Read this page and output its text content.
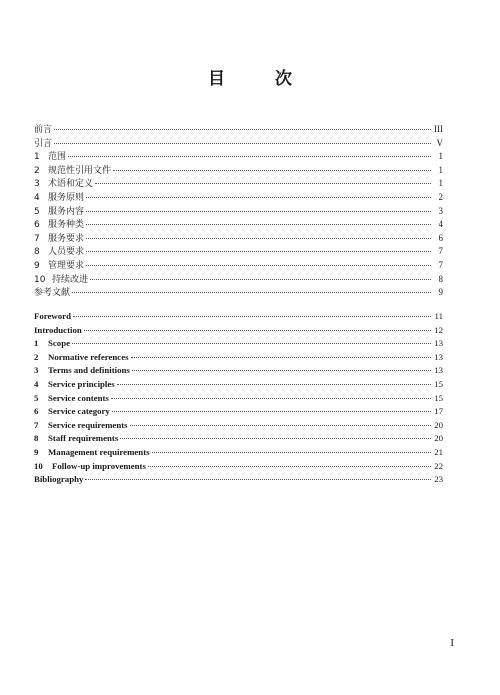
目 次
前言	III
引言	V
1 范围	1
2 规范性引用文件	1
3 术语和定义	1
4 服务原则	2
5 服务内容	3
6 服务种类	4
7 服务要求	6
8 人员要求	7
9 管理要求	7
10 持续改进	8
参考文献	9
Foreword	11
Introduction	12
1	Scope	13
2	Normative references	13
3	Terms and definitions	13
4	Service principles	15
5	Service contents	15
6	Service category	17
7	Service requirements	20
8	Staff requirements	20
9	Management requirements	21
10	Follow-up improvements	22
Bibliography	23
I
